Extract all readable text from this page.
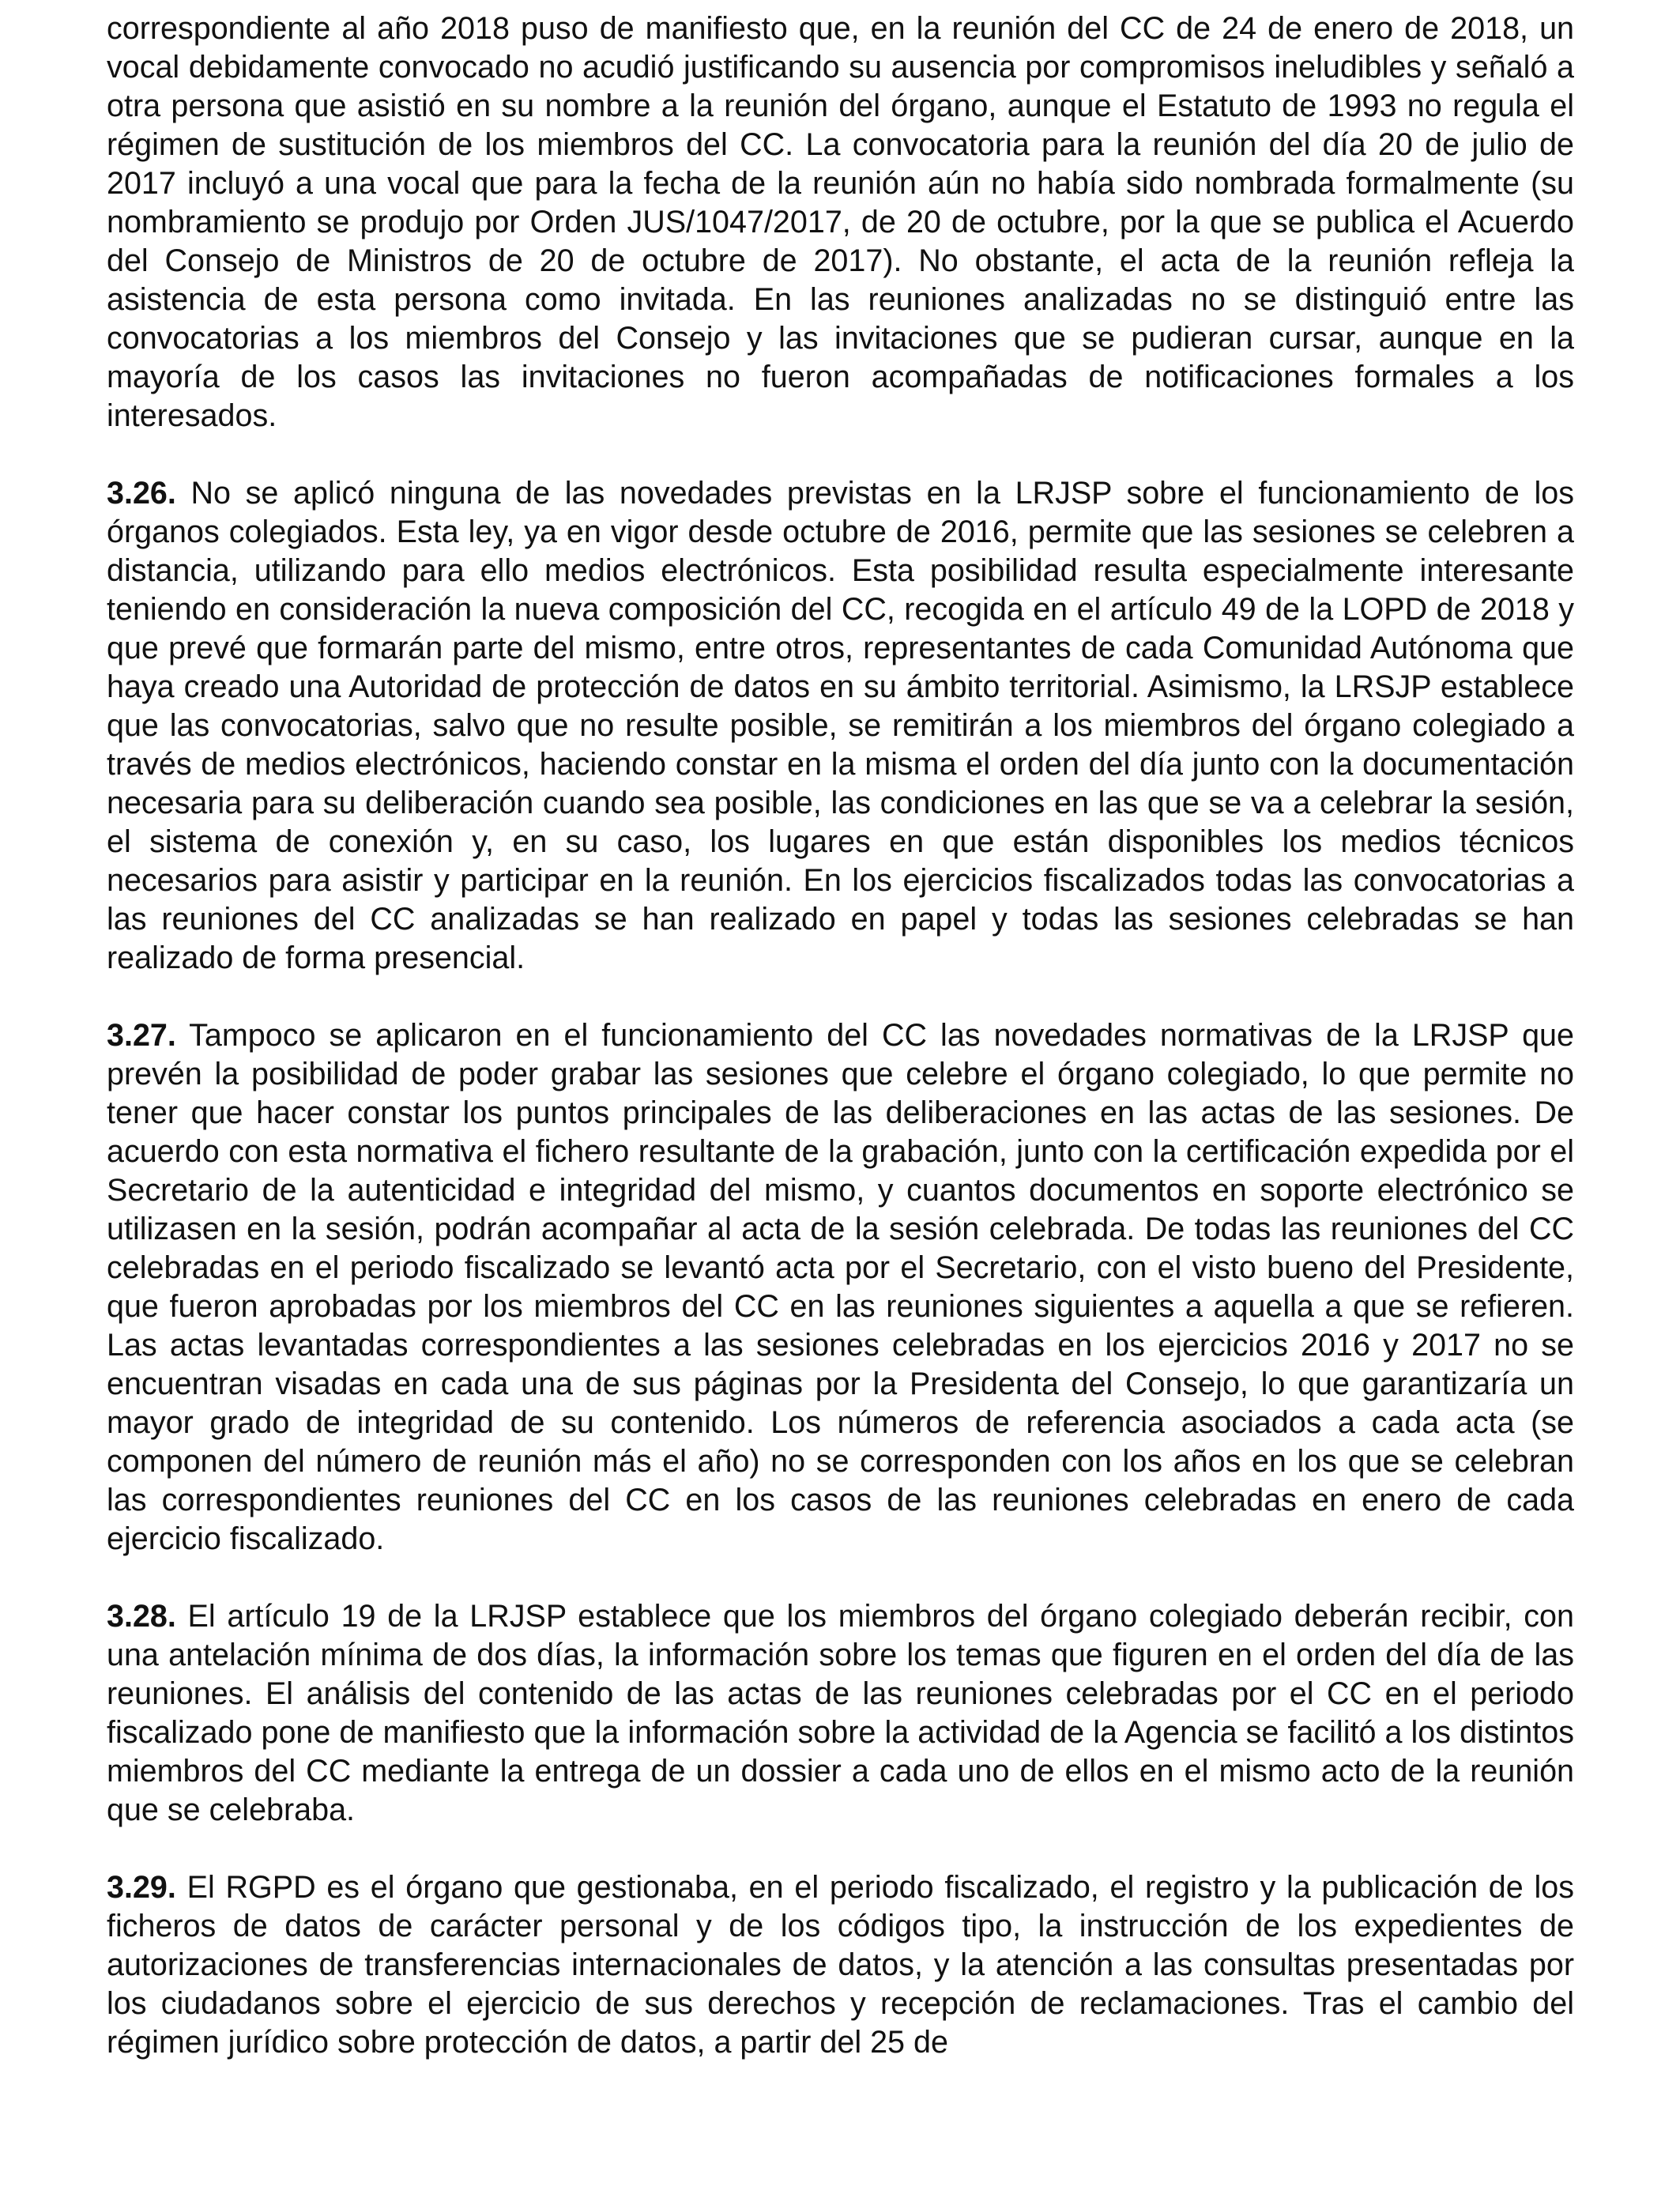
correspondiente al año 2018 puso de manifiesto que, en la reunión del CC de 24 de enero de 2018, un vocal debidamente convocado no acudió justificando su ausencia por compromisos ineludibles y señaló a otra persona que asistió en su nombre a la reunión del órgano, aunque el Estatuto de 1993 no regula el régimen de sustitución de los miembros del CC. La convocatoria para la reunión del día 20 de julio de 2017 incluyó a una vocal que para la fecha de la reunión aún no había sido nombrada formalmente (su nombramiento se produjo por Orden JUS/1047/2017, de 20 de octubre, por la que se publica el Acuerdo del Consejo de Ministros de 20 de octubre de 2017). No obstante, el acta de la reunión refleja la asistencia de esta persona como invitada. En las reuniones analizadas no se distinguió entre las convocatorias a los miembros del Consejo y las invitaciones que se pudieran cursar, aunque en la mayoría de los casos las invitaciones no fueron acompañadas de notificaciones formales a los interesados.

3.26. No se aplicó ninguna de las novedades previstas en la LRJSP sobre el funcionamiento de los órganos colegiados. Esta ley, ya en vigor desde octubre de 2016, permite que las sesiones se celebren a distancia, utilizando para ello medios electrónicos. Esta posibilidad resulta especialmente interesante teniendo en consideración la nueva composición del CC, recogida en el artículo 49 de la LOPD de 2018 y que prevé que formarán parte del mismo, entre otros, representantes de cada Comunidad Autónoma que haya creado una Autoridad de protección de datos en su ámbito territorial. Asimismo, la LRSJP establece que las convocatorias, salvo que no resulte posible, se remitirán a los miembros del órgano colegiado a través de medios electrónicos, haciendo constar en la misma el orden del día junto con la documentación necesaria para su deliberación cuando sea posible, las condiciones en las que se va a celebrar la sesión, el sistema de conexión y, en su caso, los lugares en que están disponibles los medios técnicos necesarios para asistir y participar en la reunión. En los ejercicios fiscalizados todas las convocatorias a las reuniones del CC analizadas se han realizado en papel y todas las sesiones celebradas se han realizado de forma presencial.

3.27. Tampoco se aplicaron en el funcionamiento del CC las novedades normativas de la LRJSP que prevén la posibilidad de poder grabar las sesiones que celebre el órgano colegiado, lo que permite no tener que hacer constar los puntos principales de las deliberaciones en las actas de las sesiones. De acuerdo con esta normativa el fichero resultante de la grabación, junto con la certificación expedida por el Secretario de la autenticidad e integridad del mismo, y cuantos documentos en soporte electrónico se utilizasen en la sesión, podrán acompañar al acta de la sesión celebrada. De todas las reuniones del CC celebradas en el periodo fiscalizado se levantó acta por el Secretario, con el visto bueno del Presidente, que fueron aprobadas por los miembros del CC en las reuniones siguientes a aquella a que se refieren. Las actas levantadas correspondientes a las sesiones celebradas en los ejercicios 2016 y 2017 no se encuentran visadas en cada una de sus páginas por la Presidenta del Consejo, lo que garantizaría un mayor grado de integridad de su contenido. Los números de referencia asociados a cada acta (se componen del número de reunión más el año) no se corresponden con los años en los que se celebran las correspondientes reuniones del CC en los casos de las reuniones celebradas en enero de cada ejercicio fiscalizado.

3.28. El artículo 19 de la LRJSP establece que los miembros del órgano colegiado deberán recibir, con una antelación mínima de dos días, la información sobre los temas que figuren en el orden del día de las reuniones. El análisis del contenido de las actas de las reuniones celebradas por el CC en el periodo fiscalizado pone de manifiesto que la información sobre la actividad de la Agencia se facilitó a los distintos miembros del CC mediante la entrega de un dossier a cada uno de ellos en el mismo acto de la reunión que se celebraba.

3.29. El RGPD es el órgano que gestionaba, en el periodo fiscalizado, el registro y la publicación de los ficheros de datos de carácter personal y de los códigos tipo, la instrucción de los expedientes de autorizaciones de transferencias internacionales de datos, y la atención a las consultas presentadas por los ciudadanos sobre el ejercicio de sus derechos y recepción de reclamaciones. Tras el cambio del régimen jurídico sobre protección de datos, a partir del 25 de
